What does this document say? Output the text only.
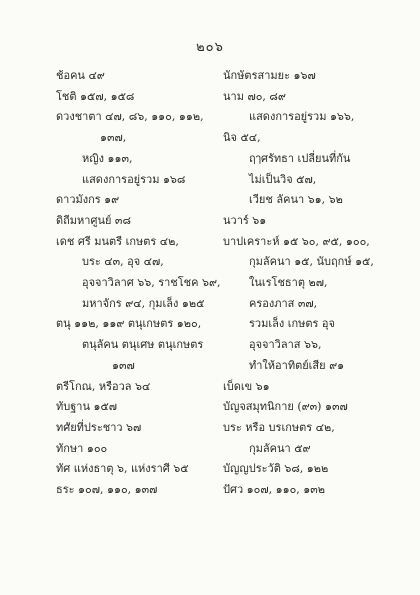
๒๐๖
ช้อคน ๔๙
โชติ ๑๕๗, ๑๕๘
ดวงชาตา ๔๗, ๘๖, ๑๑๐, ๑๑๒,
๑๓๗,
หญิง ๑๑๓,
แสดงการอยู่รวม ๑๖๘
ดาวมังกร ๑๙
ดิถีมหาศูนย์ ๓๘
เดช ศรี มนตรี เกษตร ๔๒,
บระ ๔๓, อุจ ๔๗,
อุจจาวิลาศ ๖๖, ราชโชค ๖๙,
มหาจักร ๙๔, กุมเล็ง ๑๒๕
ตนุ ๑๑๒, ๑๑๙ ตนุเกษตร ๑๒๐,
ตนุลัคน ตนุเศษ ตนุเกษตร
๑๓๗
ตรีโกณ, หรือวล ๖๔
ทับฐาน ๑๕๗
ทศัยที่ประชาว ๖๗
ทักษา ๑๐๐
ทัศ แห่งธาตุ ๖, แห่งราศี ๖๕
ธระ ๑๐๗, ๑๑๐, ๑๓๗
นักษัตรสามยะ ๑๖๗
นาม ๗๐, ๘๙
แสดงการอยู่รวม ๑๖๖,
นิจ ๕๔,
ฤๅศรัทธา เปลี่ยนที่กัน
ไม่เป็นวิจ ๕๗,
เวียช ลัคนา ๖๑, ๖๒
นวาร์ ๖๑
บาปเคราะห์ ๑๕ ๖๐, ๙๕, ๑๐๐,
กุมลัคนา ๑๕, นับฤกษ์ ๑๕,
ในเรโชธาตุ ๒๗,
ครองภาส ๓๗,
รวมเล็ง เกษตร อุจ
อุจจาวิลาส ๖๖,
ทำให้อาทิตย์เสีย ๙๑
เบ็ดเข ๖๑
บัญจสมุทนิกาย (๙๓) ๑๓๗
บระ หรือ บรเกษตร ๔๒,
กุมลัคนา ๕๙
บัญญประวัติ ๖๘, ๑๒๒
ปัศว ๑๐๗, ๑๑๐, ๑๓๒
